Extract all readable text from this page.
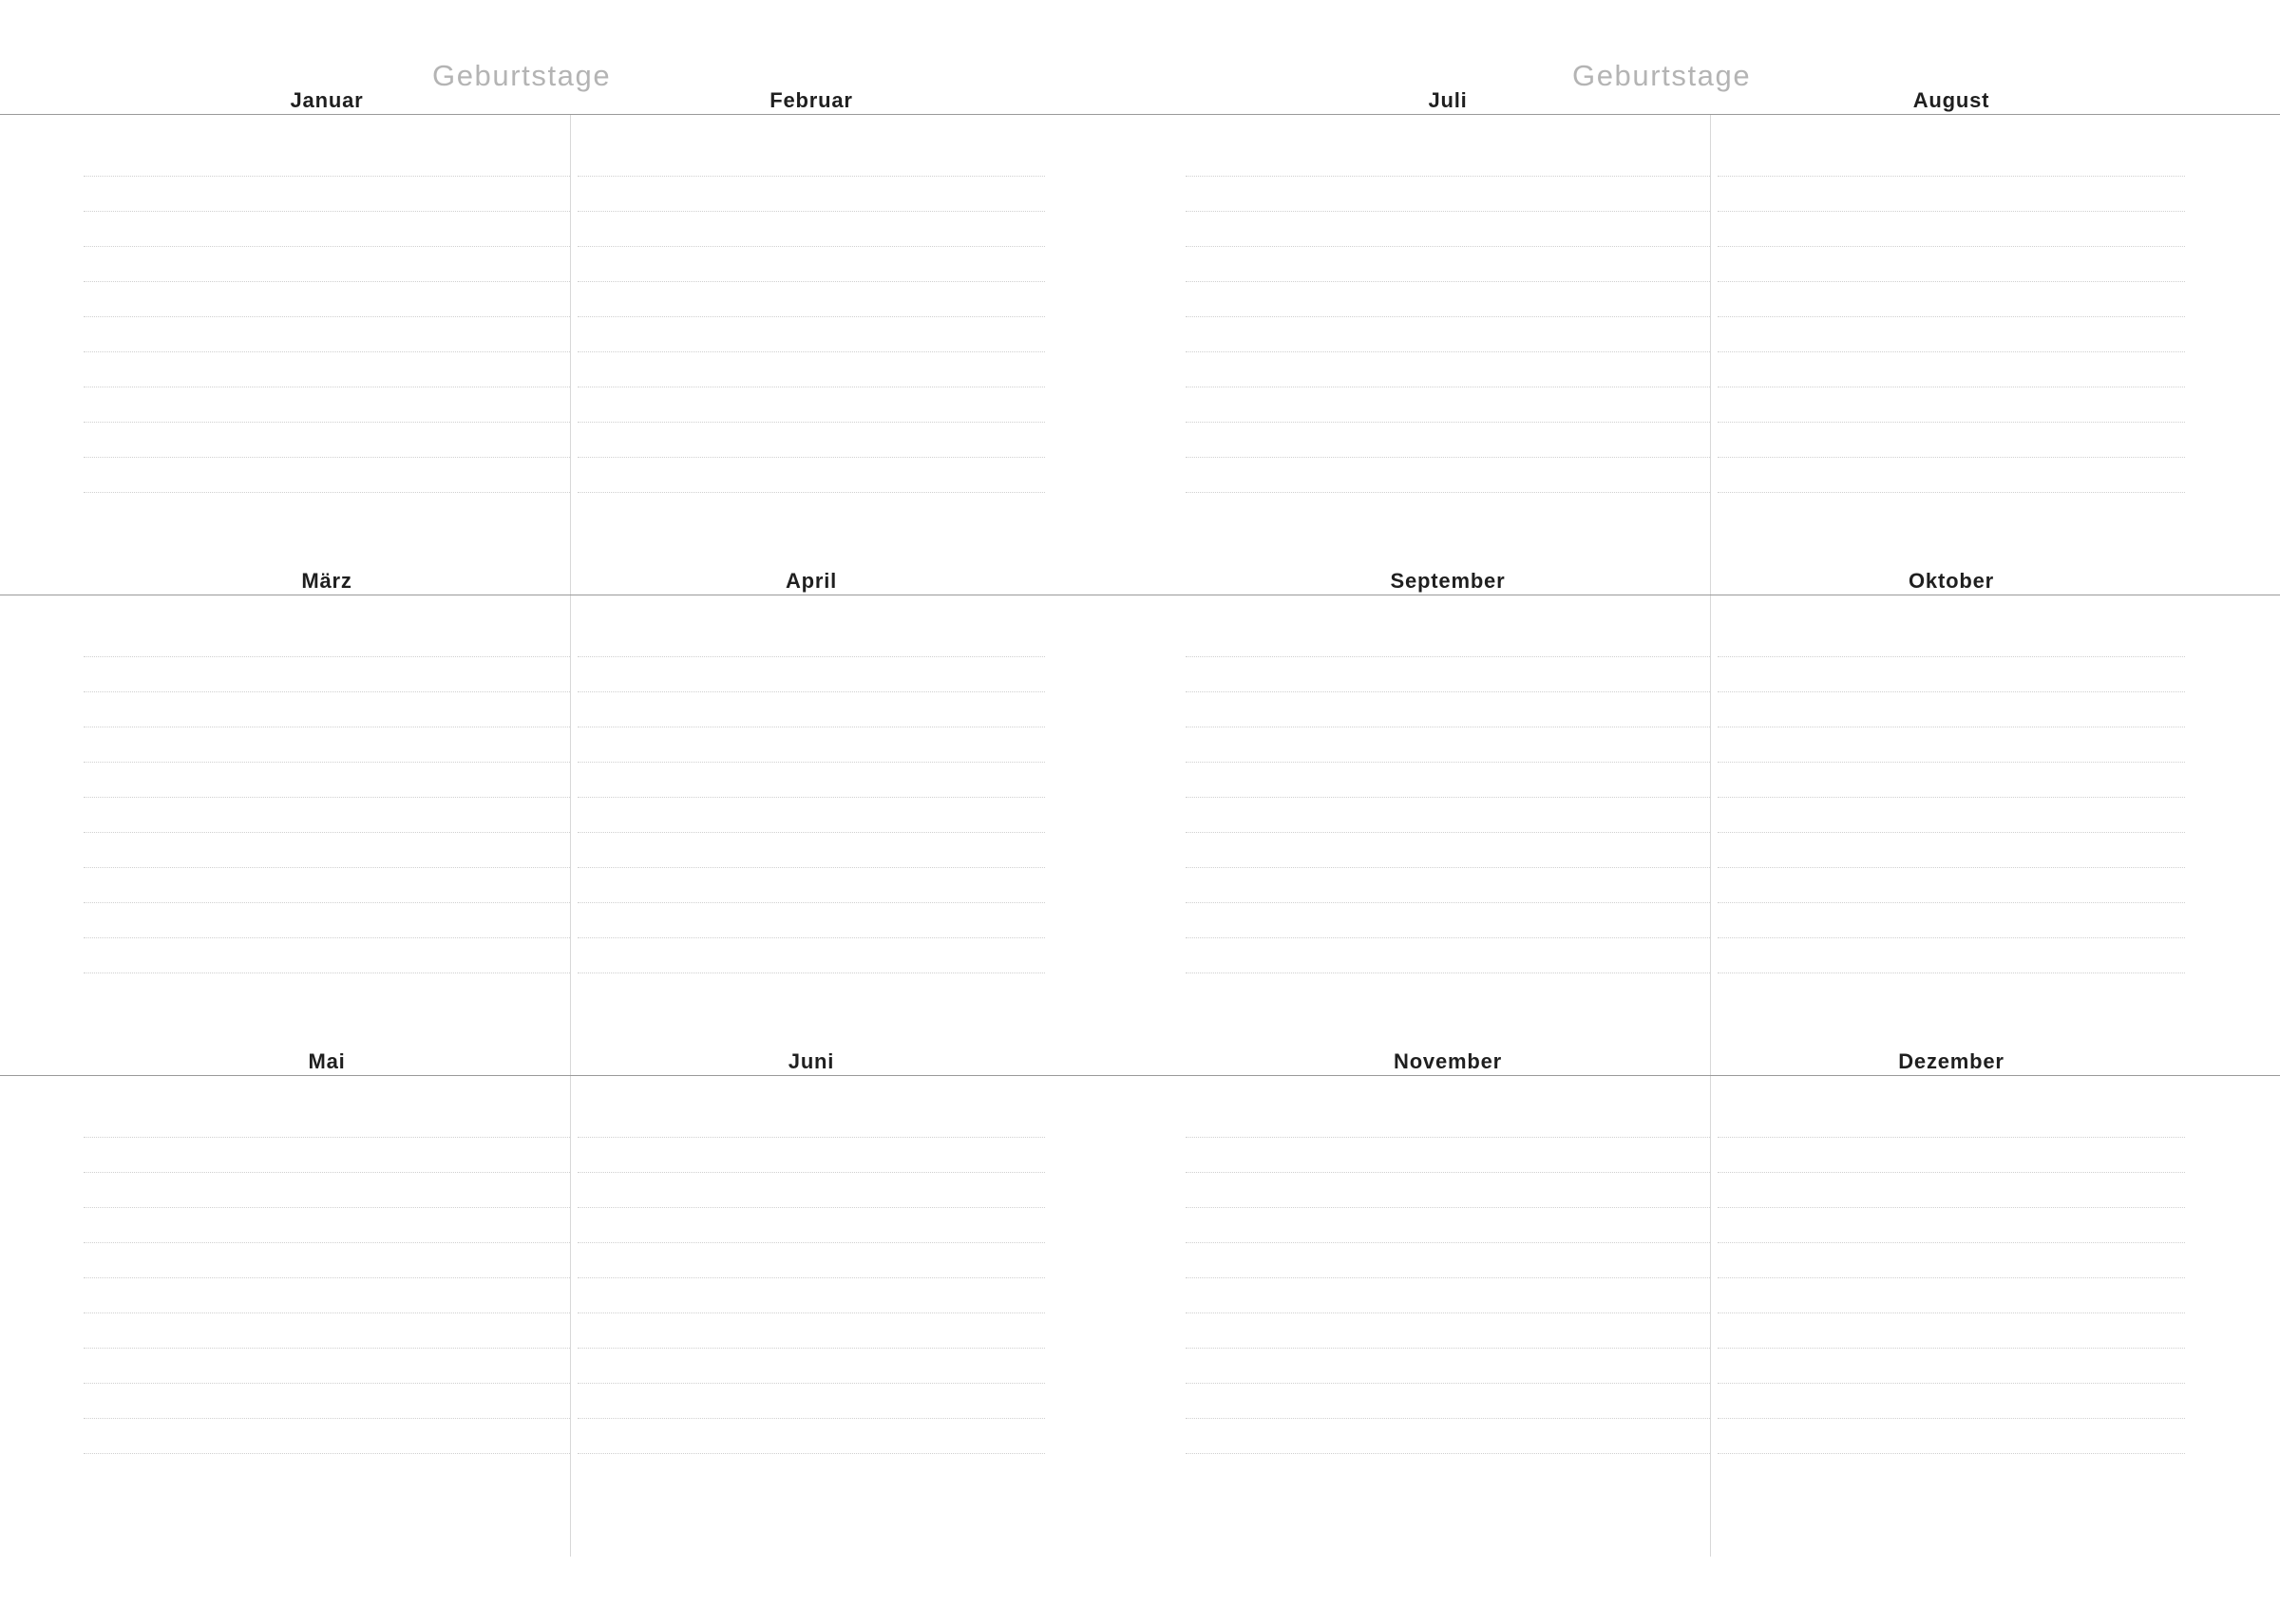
Geburtstage
Januar	Februar
März	April
Mai	Juni
Geburtstage
Juli	August
September	Oktober
November	Dezember
